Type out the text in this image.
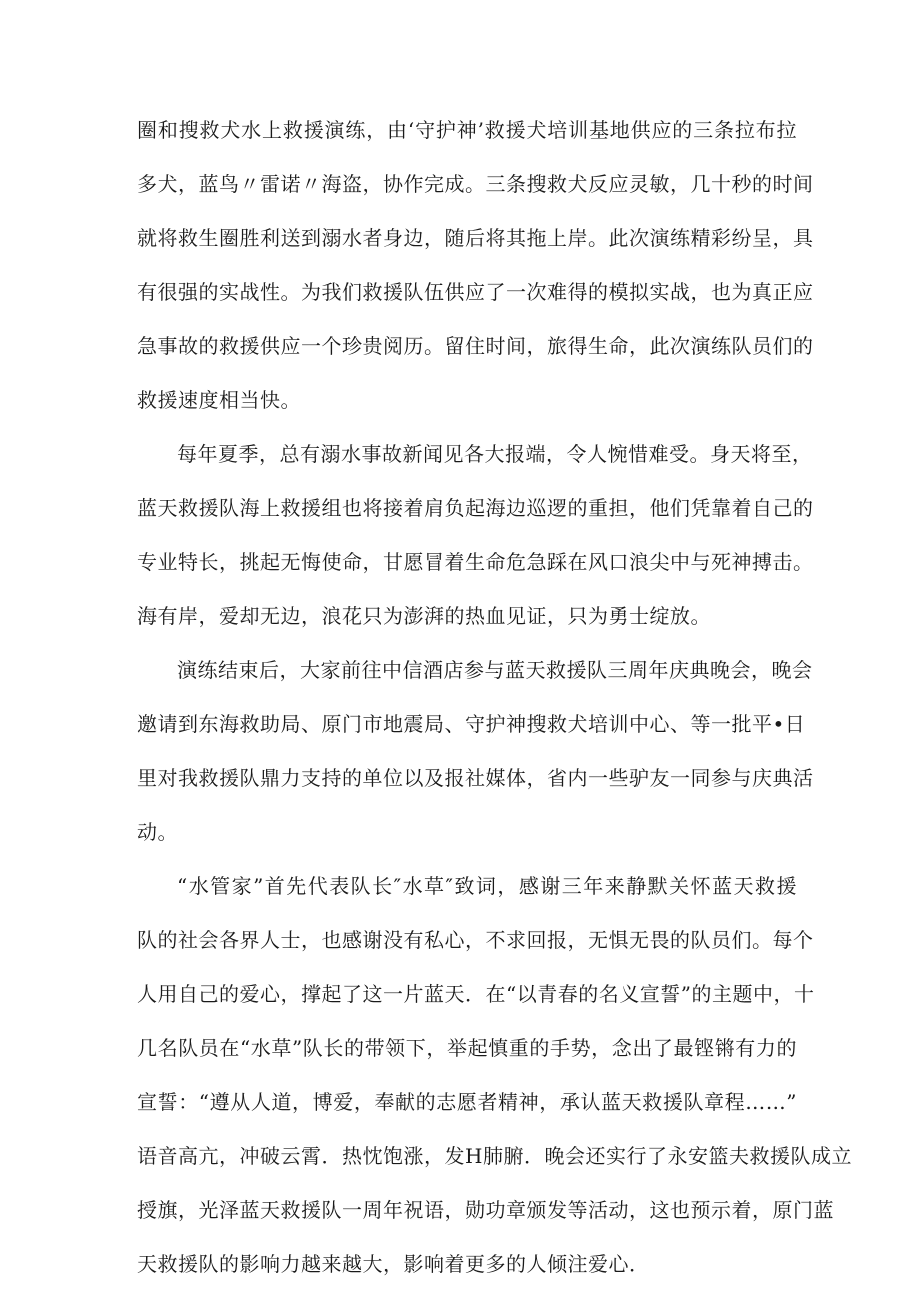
圈和搜救犬水上救援演练，由‘守护神’救援犬培训基地供应的三条拉布拉
多犬，蓝鸟〃雷诺〃海盗，协作完成。三条搜救犬反应灵敏，几十秒的时间
就将救生圈胜利送到溺水者身边，随后将其拖上岸。此次演练精彩纷呈，具
有很强的实战性。为我们救援队伍供应了一次难得的模拟实战，也为真正应
急事故的救援供应一个珍贵阅历。留住时间，旅得生命，此次演练队员们的
救援速度相当快。
每年夏季，总有溺水事故新闻见各大报端，令人惋惜难受。身天将至，
蓝天救援队海上救援组也将接着肩负起海边巡逻的重担，他们凭靠着自己的
专业特长，挑起无悔使命，甘愿冒着生命危急踩在风口浪尖中与死神搏击。
海有岸，爱却无边，浪花只为澎湃的热血见证，只为勇士绽放。
演练结束后，大家前往中信酒店参与蓝天救援队三周年庆典晚会，晚会
邀请到东海救助局、原门市地震局、守护神搜救犬培训中心、等一批平•日
里对我救援队鼎力支持的单位以及报社媒体，省内一些驴友一同参与庆典活
动。
“水管家”首先代表队长″水草″致词，感谢三年来静默关怀蓝天救援
队的社会各界人士，也感谢没有私心，不求回报，无惧无畏的队员们。每个
人用自己的爱心，撑起了这一片蓝天．在“以青春的名义宣誓”的主题中，十
几名队员在“水草”队长的带领下，举起慎重的手势，念出了最铿锵有力的
宣誓：“遵从人道，博爱，奉献的志愿者精神，承认蓝天救援队章程……”
语音高亢，冲破云霄．热忱饱涨，发H肺腑．晚会还实行了永安篮夫救援队成立
授旗，光泽蓝天救援队一周年祝语，勋功章颁发等活动，这也预示着，原门蓝
天救援队的影响力越来越大，影响着更多的人倾注爱心．
